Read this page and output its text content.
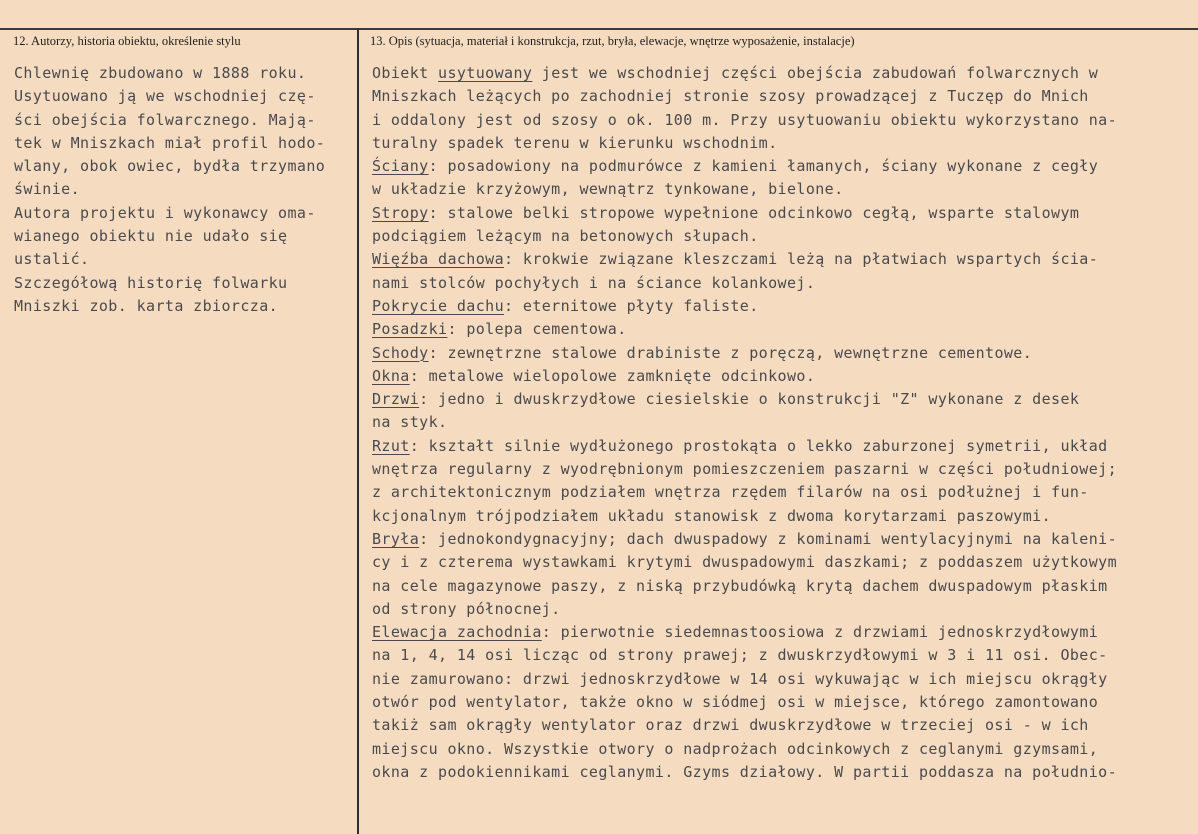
12. Autorzy, historia obiektu, określenie stylu	13. Opis (sytuacja, materiał i konstrukcja, rzut, bryła, elewacje, wnętrze wyposażenie, instalacje)
Chlewnię zbudowano w 1888 roku.
Usytuowano ją we wschodniej czę-
ści obejścia folwarcznego. Mają-
tek w Mniszkach miał profil hodo-
wlany, obok owiec, bydła trzymano
świnie.
Autora projektu i wykonawcy oma-
wianego obiektu nie udało się
ustalić.
Szczegółową historię folwarku
Mniszki zob. karta zbiorcza.
Obiekt usytuowany jest we wschodniej części obejścia zabudowań folwarcznych w
Mniszkach leżących po zachodniej stronie szosy prowadzącej z Tuczęp do Mnich
i oddalony jest od szosy o ok. 100 m. Przy usytuowaniu obiektu wykorzystano na-
turalny spadek terenu w kierunku wschodnim.
Ściany: posadowiony na podmurówce z kamieni łamanych, ściany wykonane z cegły
w układzie krzyżowym, wewnątrz tynkowane, bielone.
Stropy: stalowe belki stropowe wypełnione odcinkowo cegłą, wsparte stalowym
podciągiem leżącym na betonowych słupach.
Więźba dachowa: krokwie związane kleszczami leżą na płatwiach wspartych ścia-
nami stolców pochyłych i na ściance kolankowej.
Pokrycie dachu: eternitowe płyty faliste.
Posadzki: polepa cementowa.
Schody: zewnętrzne stalowe drabiniste z poręczą, wewnętrzne cementowe.
Okna: metalowe wielopolowe zamknięte odcinkowo.
Drzwi: jedno i dwuskrzydłowe ciesielskie o konstrukcji "Z" wykonane z desek
na styk.
Rzut: kształt silnie wydłużonego prostokąta o lekko zaburzonej symetrii, układ
wnętrza regularny z wyodrębnionym pomieszczeniem paszarni w części południowej;
z architektonicznym podziałem wnętrza rzędem filarów na osi podłużnej i fun-
kcjonalnym trójpodziałem układu stanowisk z dwoma korytarzami paszowymi.
Bryła: jednokondygnacyjny; dach dwuspadowy z kominami wentylacyjnymi na kaleni-
cy i z czterema wystawkami krytymi dwuspadowymi daszkami; z poddaszem użytkowym
na cele magazynowe paszy, z niską przybudówką krytą dachem dwuspadowym płaskim
od strony północnej.
Elewacja zachodnia: pierwotnie siedemnastoosiowa z drzwiami jednoskrzydłowymi
na 1, 4, 14 osi licząc od strony prawej; z dwuskrzydłowymi w 3 i 11 osi. Obec-
nie zamurowano: drzwi jednoskrzydłowe w 14 osi wykuwając w ich miejscu okrągły
otwór pod wentylator, także okno w siódmej osi w miejsce, którego zamontowano
takiż sam okrągły wentylator oraz drzwi dwuskrzydłowe w trzeciej osi - w ich
miejscu okno. Wszystkie otwory o nadprożach odcinkowych z ceglanymi gzymsami,
okna z podokiennikami ceglanymi. Gzyms działowy. W partii poddasza na południo-
